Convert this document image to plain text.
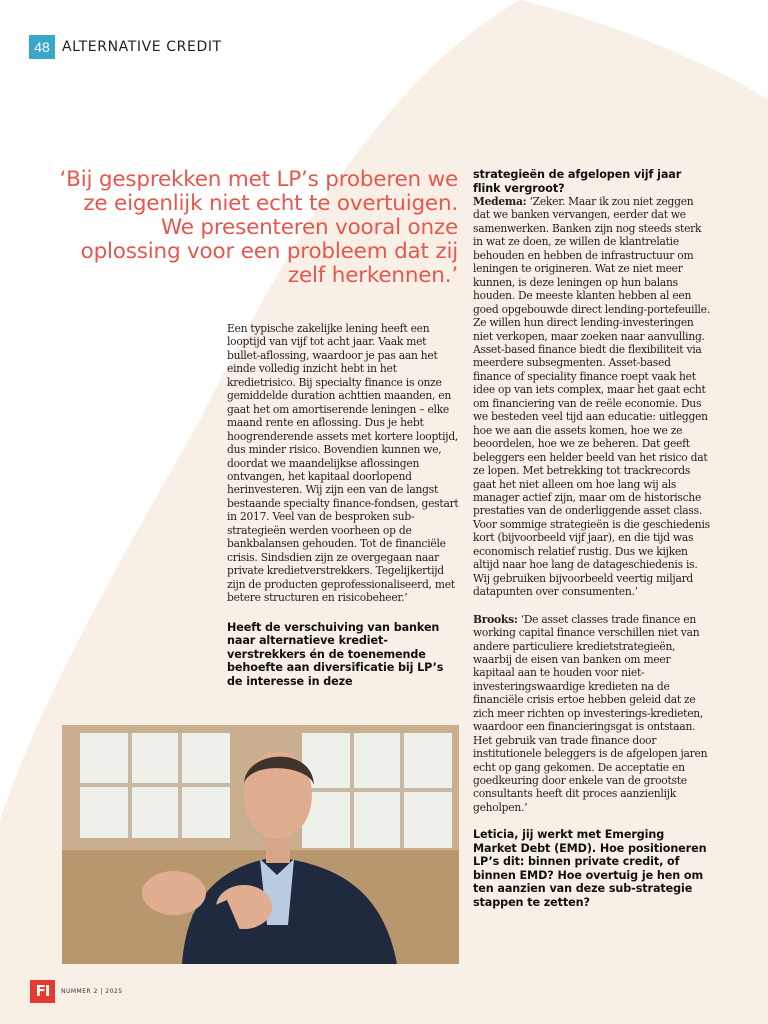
48 ALTERNATIVE CREDIT
‘Bij gesprekken met LP’s proberen we ze eigenlijk niet echt te overtuigen. We presenteren vooral onze oplossing voor een probleem dat zij zelf herkennen.’

Een typische zakelijke lening heeft een looptijd van vijf tot acht jaar. Vaak met bullet-aflossing, waardoor je pas aan het einde volledig inzicht hebt in het kredietrisico. Bij specialty finance is onze gemiddelde duration achttien maanden, en gaat het om amortiserende leningen – elke maand rente en aflossing. Dus je hebt hoogrenderende assets met kortere looptijd, dus minder risico. Bovendien kunnen we, doordat we maandelijkse aflossingen ontvangen, het kapitaal doorlopend herinvesteren. Wij zijn een van de langst bestaande specialty finance-fondsen, gestart in 2017. Veel van de besproken sub-strategieën werden voorheen op de bankbalansen gehouden. Tot de financiële crisis. Sindsdien zijn ze overgegaan naar private kredietverstrekkers. Tegelijkertijd zijn de producten geprofessionaliseerd, met betere structuren en risicobeheer.’

Heeft de verschuiving van banken naar alternatieve krediet-verstrekkers én de toenemende behoefte aan diversificatie bij LP’s de interesse in deze

strategieën de afgelopen vijf jaar flink vergroot?

Medema: ‘Zeker. Maar ik zou niet zeggen dat we banken vervangen, eerder dat we samenwerken. Banken zijn nog steeds sterk in wat ze doen, ze willen de klantrelatie behouden en hebben de infrastructuur om leningen te origineren. Wat ze niet meer kunnen, is deze leningen op hun balans houden. De meeste klanten hebben al een goed opgebouwde direct lending-portefeuille. Ze willen hun direct lending-investeringen niet verkopen, maar zoeken naar aanvulling. Asset-based finance biedt die flexibiliteit via meerdere subsegmenten. Asset-based finance of speciality finance roept vaak het idee op van iets complex, maar het gaat echt om financiering van de reële economie. Dus we besteden veel tijd aan educatie: uitleggen hoe we aan die assets komen, hoe we ze beoordelen, hoe we ze beheren. Dat geeft beleggers een helder beeld van het risico dat ze lopen. Met betrekking tot trackrecords gaat het niet alleen om hoe lang wij als manager actief zijn, maar om de historische prestaties van de onderliggende asset class. Voor sommige strategieën is die geschiedenis kort (bijvoorbeeld vijf jaar), en die tijd was economisch relatief rustig. Dus we kijken altijd naar hoe lang de datageschiedenis is. Wij gebruiken bijvoorbeeld veertig miljard datapunten over consumenten.’

Brooks: ‘De asset classes trade finance en working capital finance verschillen niet van andere particuliere kredietstrategieën, waarbij de eisen van banken om meer kapitaal aan te houden voor niet-investeringswaardige kredieten na de financiële crisis ertoe hebben geleid dat ze zich meer richten op investerings-kredieten, waardoor een financieringsgat is ontstaan. Het gebruik van trade finance door institutionele beleggers is de afgelopen jaren echt op gang gekomen. De acceptatie en goedkeuring door enkele van de grootste consultants heeft dit proces aanzienlijk geholpen.’

Leticia, jij werkt met Emerging Market Debt (EMD). Hoe positioneren LP’s dit: binnen private credit, of binnen EMD? Hoe overtuig je hen om ten aanzien van deze sub-strategie stappen te zetten?

FI	NUMMER 2 | 2025
